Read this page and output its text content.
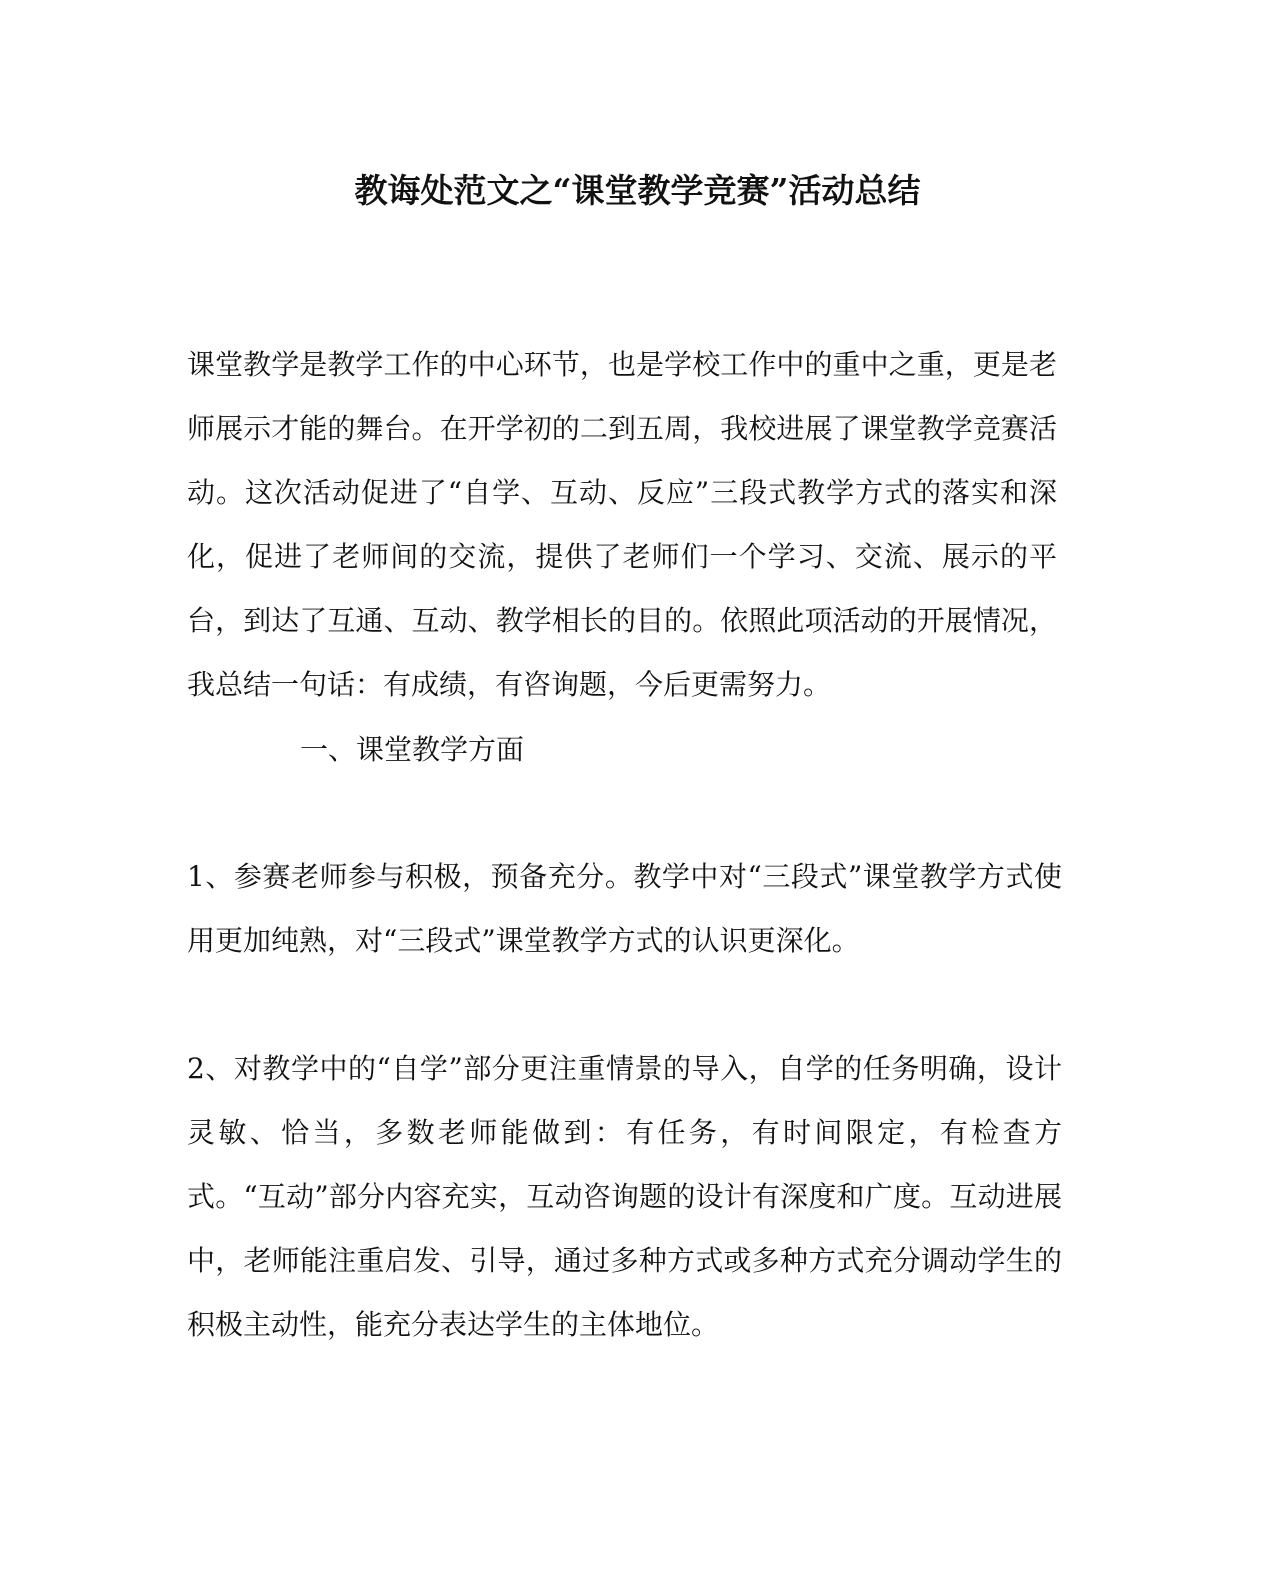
教诲处范文之“课堂教学竞赛”活动总结

课堂教学是教学工作的中心环节，也是学校工作中的重中之重，更是老师展示才能的舞台。在开学初的二到五周，我校进展了课堂教学竞赛活动。这次活动促进了“自学、互动、反应”三段式教学方式的落实和深化，促进了老师间的交流，提供了老师们一个学习、交流、展示的平台，到达了互通、互动、教学相长的目的。依照此项活动的开展情况，我总结一句话：有成绩，有咨询题，今后更需努力。

一、课堂教学方面

1、参赛老师参与积极，预备充分。教学中对“三段式”课堂教学方式使用更加纯熟，对“三段式”课堂教学方式的认识更深化。

2、对教学中的“自学”部分更注重情景的导入，自学的任务明确，设计灵敏、恰当，多数老师能做到：有任务，有时间限定，有检查方式。“互动”部分内容充实，互动咨询题的设计有深度和广度。互动进展中，老师能注重启发、引导，通过多种方式或多种方式充分调动学生的积极主动性，能充分表达学生的主体地位。
